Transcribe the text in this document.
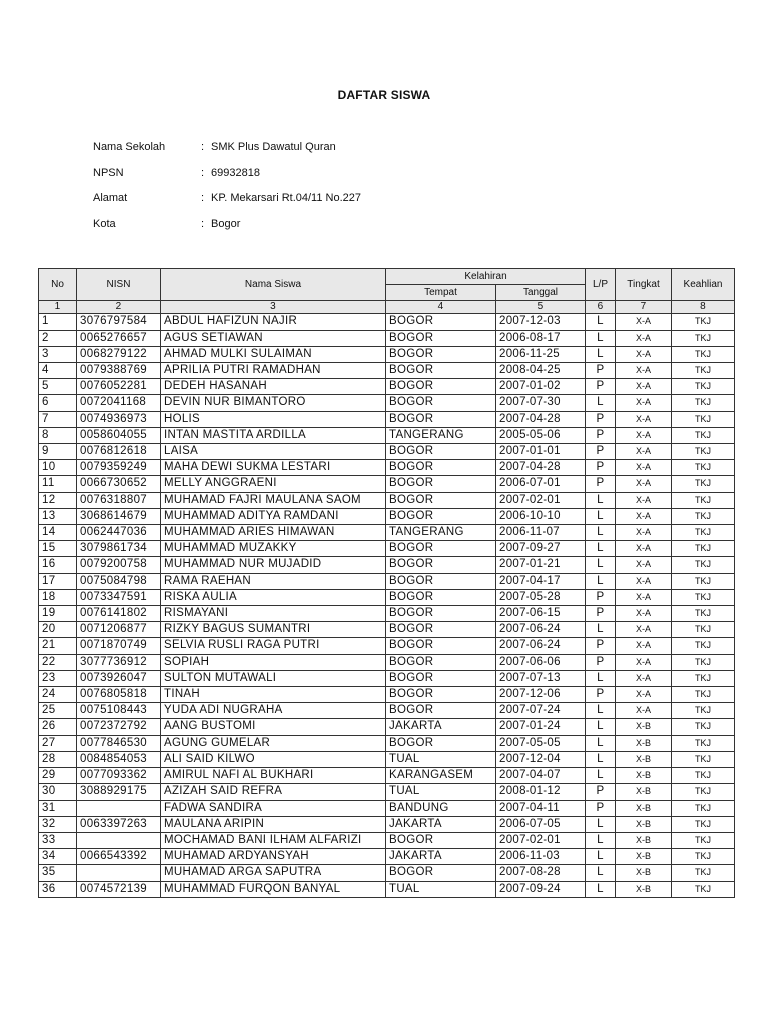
DAFTAR SISWA
Nama Sekolah	: SMK Plus Dawatul Quran
NPSN	: 69932818
Alamat	: KP. Mekarsari Rt.04/11 No.227
Kota	: Bogor
No	NISN	Nama Siswa	Kelahiran		L/P	Tingkat	Keahlian
			Tempat	Tanggal			
1	2	3	4	5	6	7	8
1	3076797584	ABDUL HAFIZUN NAJIR	BOGOR	2007-12-03	L	X-A	TKJ
2	0065276657	AGUS SETIAWAN	BOGOR	2006-08-17	L	X-A	TKJ
3	0068279122	AHMAD MULKI SULAIMAN	BOGOR	2006-11-25	L	X-A	TKJ
4	0079388769	APRILIA PUTRI RAMADHAN	BOGOR	2008-04-25	P	X-A	TKJ
5	0076052281	DEDEH HASANAH	BOGOR	2007-01-02	P	X-A	TKJ
6	0072041168	DEVIN NUR BIMANTORO	BOGOR	2007-07-30	L	X-A	TKJ
7	0074936973	HOLIS	BOGOR	2007-04-28	P	X-A	TKJ
8	0058604055	INTAN MASTITA ARDILLA	TANGERANG	2005-05-06	P	X-A	TKJ
9	0076812618	LAISA	BOGOR	2007-01-01	P	X-A	TKJ
10	0079359249	MAHA DEWI SUKMA LESTARI	BOGOR	2007-04-28	P	X-A	TKJ
11	0066730652	MELLY ANGGRAENI	BOGOR	2006-07-01	P	X-A	TKJ
12	0076318807	MUHAMAD FAJRI MAULANA SAOM	BOGOR	2007-02-01	L	X-A	TKJ
13	3068614679	MUHAMMAD ADITYA RAMDANI	BOGOR	2006-10-10	L	X-A	TKJ
14	0062447036	MUHAMMAD ARIES HIMAWAN	TANGERANG	2006-11-07	L	X-A	TKJ
15	3079861734	MUHAMMAD MUZAKKY	BOGOR	2007-09-27	L	X-A	TKJ
16	0079200758	MUHAMMAD NUR MUJADID	BOGOR	2007-01-21	L	X-A	TKJ
17	0075084798	RAMA RAEHAN	BOGOR	2007-04-17	L	X-A	TKJ
18	0073347591	RISKA AULIA	BOGOR	2007-05-28	P	X-A	TKJ
19	0076141802	RISMAYANI	BOGOR	2007-06-15	P	X-A	TKJ
20	0071206877	RIZKY BAGUS SUMANTRI	BOGOR	2007-06-24	L	X-A	TKJ
21	0071870749	SELVIA RUSLI RAGA PUTRI	BOGOR	2007-06-24	P	X-A	TKJ
22	3077736912	SOPIAH	BOGOR	2007-06-06	P	X-A	TKJ
23	0073926047	SULTON MUTAWALI	BOGOR	2007-07-13	L	X-A	TKJ
24	0076805818	TINAH	BOGOR	2007-12-06	P	X-A	TKJ
25	0075108443	YUDA ADI NUGRAHA	BOGOR	2007-07-24	L	X-A	TKJ
26	0072372792	AANG BUSTOMI	JAKARTA	2007-01-24	L	X-B	TKJ
27	0077846530	AGUNG GUMELAR	BOGOR	2007-05-05	L	X-B	TKJ
28	0084854053	ALI SAID KILWO	TUAL	2007-12-04	L	X-B	TKJ
29	0077093362	AMIRUL NAFI AL BUKHARI	KARANGASEM	2007-04-07	L	X-B	TKJ
30	3088929175	AZIZAH SAID REFRA	TUAL	2008-01-12	P	X-B	TKJ
31		FADWA SANDIRA	BANDUNG	2007-04-11	P	X-B	TKJ
32	0063397263	MAULANA ARIPIN	JAKARTA	2006-07-05	L	X-B	TKJ
33		MOCHAMAD BANI ILHAM ALFARIZI	BOGOR	2007-02-01	L	X-B	TKJ
34	0066543392	MUHAMAD ARDYANSYAH	JAKARTA	2006-11-03	L	X-B	TKJ
35		MUHAMAD ARGA SAPUTRA	BOGOR	2007-08-28	L	X-B	TKJ
36	0074572139	MUHAMMAD FURQON BANYAL	TUAL	2007-09-24	L	X-B	TKJ
